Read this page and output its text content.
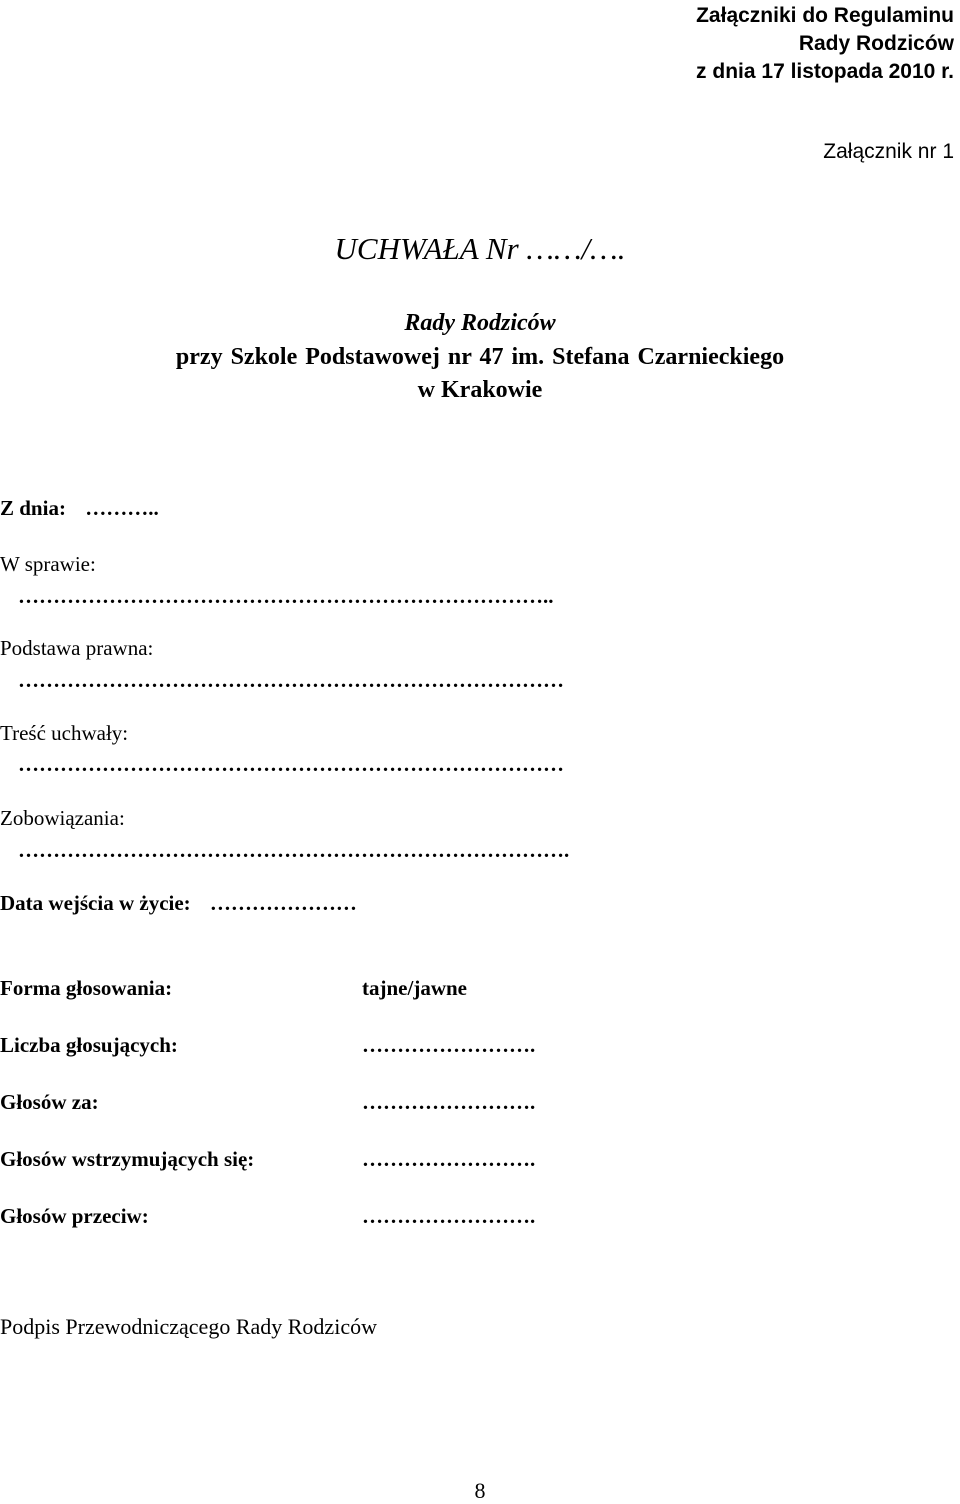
Załączniki do Regulaminu
Rady Rodziców
z dnia 17 listopada 2010 r.
Załącznik nr 1
UCHWAŁA Nr ……/….
Rady Rodziców
przy Szkole Podstawowej nr 47 im. Stefana Czarnieckiego
w Krakowie
Z dnia: ………..
W sprawie:
…………………………………………………………………..
Podstawa prawna:
……………………………………………………………………
Treść uchwały:
……………………………………………………………………
Zobowiązania:
…………………………………………………………………….
Data wejścia w życie: …………………
Forma głosowania:	tajne/jawne
Liczba głosujących:	…………………….
Głosów za:	…………………….
Głosów wstrzymujących się:	…………………….
Głosów przeciw:	…………………….
Podpis Przewodniczącego Rady Rodziców
8
